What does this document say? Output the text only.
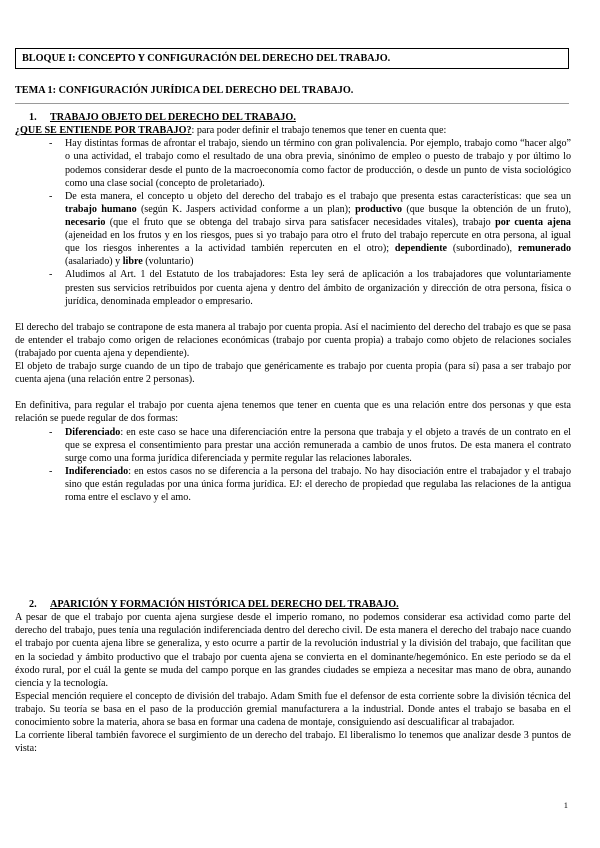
BLOQUE I: CONCEPTO Y CONFIGURACIÓN DEL DERECHO DEL TRABAJO.
TEMA 1: CONFIGURACIÓN JURÍDICA DEL DERECHO DEL TRABAJO.
1. TRABAJO OBJETO DEL DERECHO DEL TRABAJO.

¿QUE SE ENTIENDE POR TRABAJO?: para poder definir el trabajo tenemos que tener en cuenta que:

- Hay distintas formas de afrontar el trabajo, siendo un término con gran polivalencia. Por ejemplo, trabajo como “hacer algo” o una actividad, el trabajo como el resultado de una obra previa, sinónimo de empleo o puesto de trabajo y por último lo podemos considerar desde el punto de la macroeconomía como factor de producción, o desde un punto de vista sociológico como una clase social (concepto de proletariado).
- De esta manera, el concepto u objeto del derecho del trabajo es el trabajo que presenta estas características: que sea un trabajo humano (según K. Jaspers actividad conforme a un plan); productivo (que busque la obtención de un fruto), necesario (que el fruto que se obtenga del trabajo sirva para satisfacer necesidades vitales), trabajo por cuenta ajena (ajeneidad en los frutos y en los riesgos, pues si yo trabajo para otro el fruto del trabajo repercute en otra persona, al igual que los riesgos inherentes a la actividad también repercuten en el otro); dependiente (subordinado), remunerado (asalariado) y libre (voluntario)
- Aludimos al Art. 1 del Estatuto de los trabajadores: Esta ley será de aplicación a los trabajadores que voluntariamente presten sus servicios retribuidos por cuenta ajena y dentro del ámbito de organización y dirección de otra persona, física o jurídica, denominada empleador o empresario.

El derecho del trabajo se contrapone de esta manera al trabajo por cuenta propia. Así el nacimiento del derecho del trabajo es que se pasa de entender el trabajo como origen de relaciones económicas (trabajo por cuenta propia) a trabajo como objeto de relaciones sociales (trabajado por cuenta ajena y dependiente).

El objeto de trabajo surge cuando de un tipo de trabajo que genéricamente es trabajo por cuenta propia (para sí) pasa a ser trabajo por cuenta ajena (una relación entre 2 personas).

En definitiva, para regular el trabajo por cuenta ajena tenemos que tener en cuenta que es una relación entre dos personas y que esta relación se puede regular de dos formas:

- Diferenciado: en este caso se hace una diferenciación entre la persona que trabaja y el objeto a través de un contrato en el que se expresa el consentimiento para prestar una acción remunerada a cambio de unos frutos. De esta manera el contrato surge como una forma jurídica diferenciada y permite regular las relaciones laborales.
- Indiferenciado: en estos casos no se diferencia a la persona del trabajo. No hay disociación entre el trabajador y el trabajo sino que están reguladas por una única forma jurídica. EJ: el derecho de propiedad que regulaba las relaciones de la antigua roma entre el esclavo y el amo.
2. APARICIÓN Y FORMACIÓN HISTÓRICA DEL DERECHO DEL TRABAJO.

A pesar de que el trabajo por cuenta ajena surgiese desde el imperio romano, no podemos considerar esa actividad como parte del derecho del trabajo, pues tenía una regulación indiferenciada dentro del derecho civil. De esta manera el derecho del trabajo nace cuando el trabajo por cuenta ajena libre se generaliza, y esto ocurre a partir de la revolución industrial y la división del trabajo, que facilitan que en la sociedad y ámbito productivo que el trabajo por cuenta ajena se convierta en el dominante/hegemónico. En este periodo se da el éxodo rural, por el cuál la gente se muda del campo porque en las grandes ciudades se empieza a necesitar mas mano de obra, aunando ciencia y la tecnología.

Especial mención requiere el concepto de división del trabajo. Adam Smith fue el defensor de esta corriente sobre la división técnica del trabajo. Su teoría se basa en el paso de la producción gremial manufacturera a la industrial. Donde antes el trabajo se basaba en el conocimiento sobre la materia, ahora se basa en formar una cadena de montaje, consiguiendo así descualificar al trabajador.

La corriente liberal también favorece el surgimiento de un derecho del trabajo. El liberalismo lo tenemos que analizar desde 3 puntos de vista:

1
